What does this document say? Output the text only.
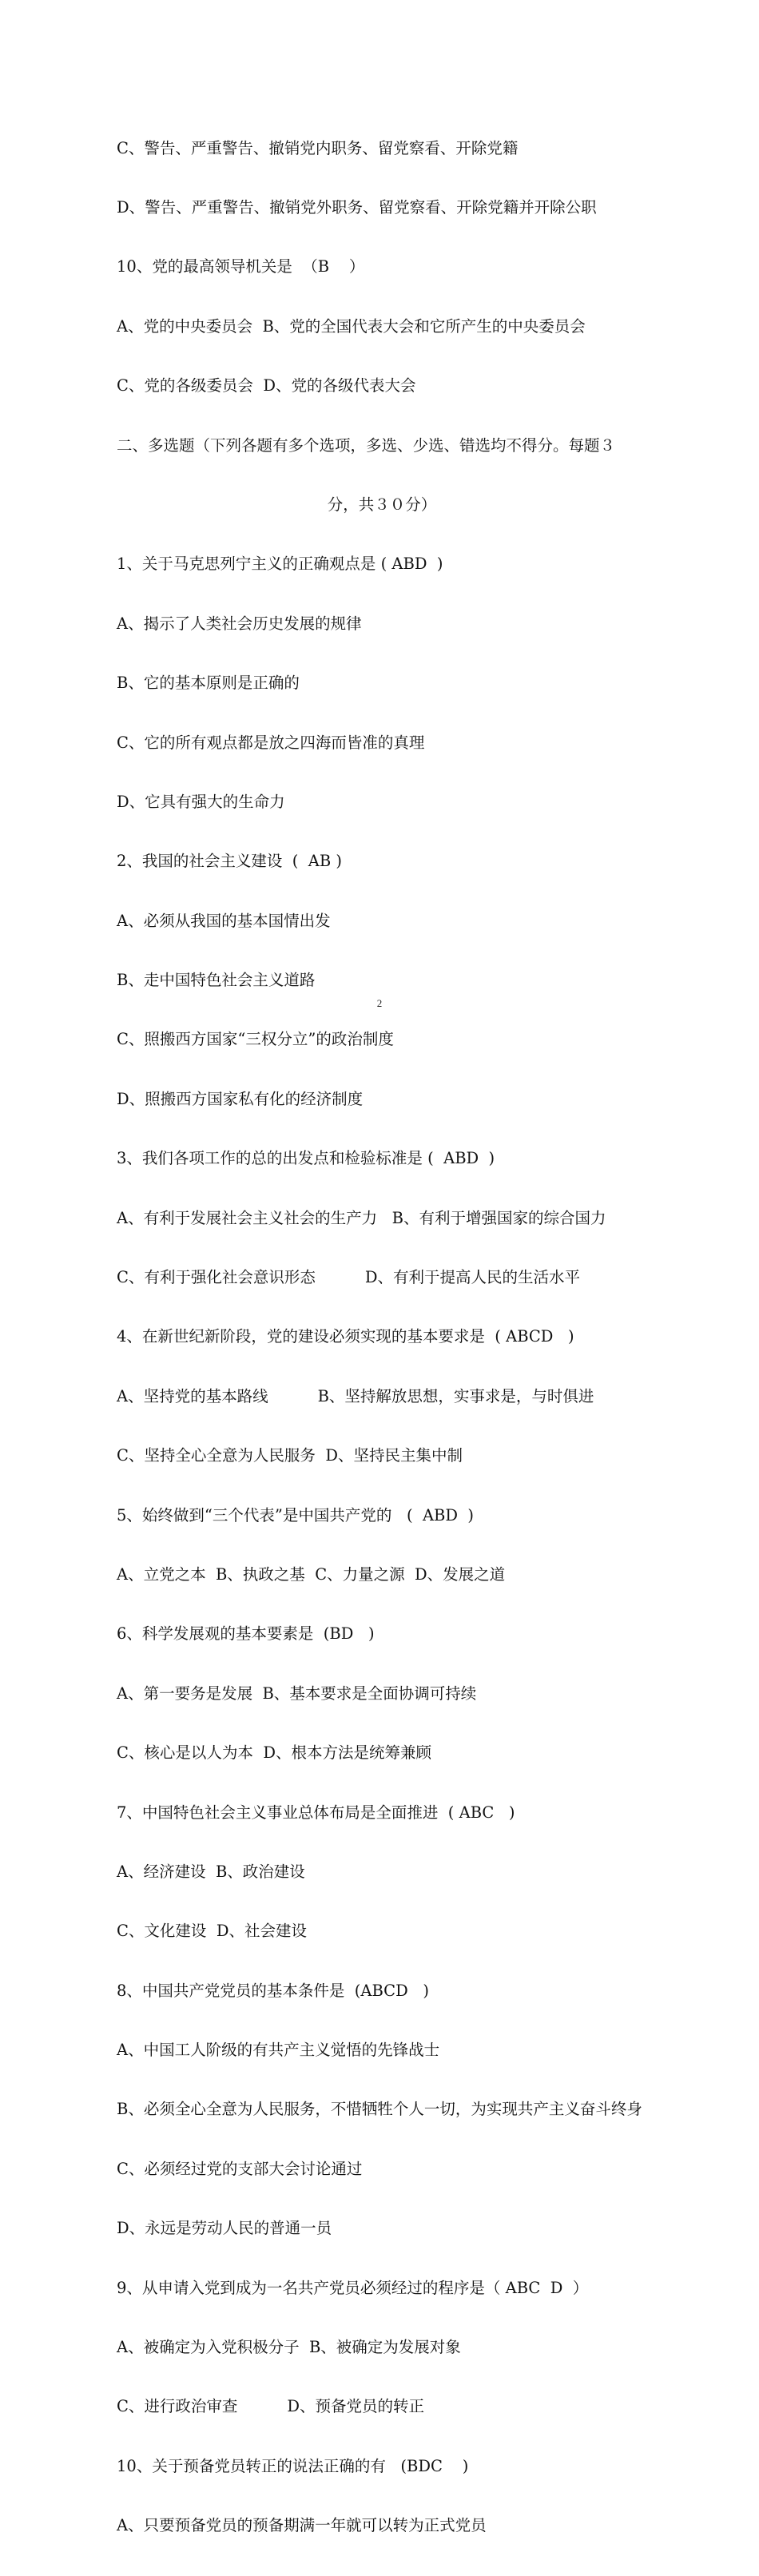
C、警告、严重警告、撤销党内职务、留党察看、开除党籍

D、警告、严重警告、撤销党外职务、留党察看、开除党籍并开除公职

10、党的最高领导机关是  （B    ）

A、党的中央委员会  B、党的全国代表大会和它所产生的中央委员会

C、党的各级委员会  D、党的各级代表大会

二、多选题（下列各题有多个选项，多选、少选、错选均不得分。每题３

分，共３０分）

1、关于马克思列宁主义的正确观点是 ( ABD  )

A、揭示了人类社会历史发展的规律

B、它的基本原则是正确的

C、它的所有观点都是放之四海而皆准的真理

D、它具有强大的生命力

2、我国的社会主义建设  (  AB )

A、必须从我国的基本国情出发

B、走中国特色社会主义道路

C、照搬西方国家“三权分立”的政治制度

D、照搬西方国家私有化的经济制度

3、我们各项工作的总的出发点和检验标准是 (  ABD  )

A、有利于发展社会主义社会的生产力   B、有利于增强国家的综合国力

C、有利于强化社会意识形态          D、有利于提高人民的生活水平

4、在新世纪新阶段，党的建设必须实现的基本要求是  ( ABCD   )

A、坚持党的基本路线          B、坚持解放思想，实事求是，与时俱进

C、坚持全心全意为人民服务  D、坚持民主集中制

5、始终做到“三个代表”是中国共产党的   (  ABD  )

A、立党之本  B、执政之基  C、力量之源  D、发展之道

6、科学发展观的基本要素是  (BD   )

A、第一要务是发展  B、基本要求是全面协调可持续

C、核心是以人为本  D、根本方法是统筹兼顾

7、中国特色社会主义事业总体布局是全面推进  ( ABC   )

A、经济建设  B、政治建设

C、文化建设  D、社会建设

8、中国共产党党员的基本条件是  (ABCD   )

A、中国工人阶级的有共产主义觉悟的先锋战士

B、必须全心全意为人民服务，不惜牺牲个人一切，为实现共产主义奋斗终身

C、必须经过党的支部大会讨论通过

D、永远是劳动人民的普通一员

9、从申请入党到成为一名共产党员必须经过的程序是（ ABC  D  ）

A、被确定为入党积极分子  B、被确定为发展对象

C、进行政治审查          D、预备党员的转正

10、关于预备党员转正的说法正确的有   (BDC    )

A、只要预备党员的预备期满一年就可以转为正式党员

2
